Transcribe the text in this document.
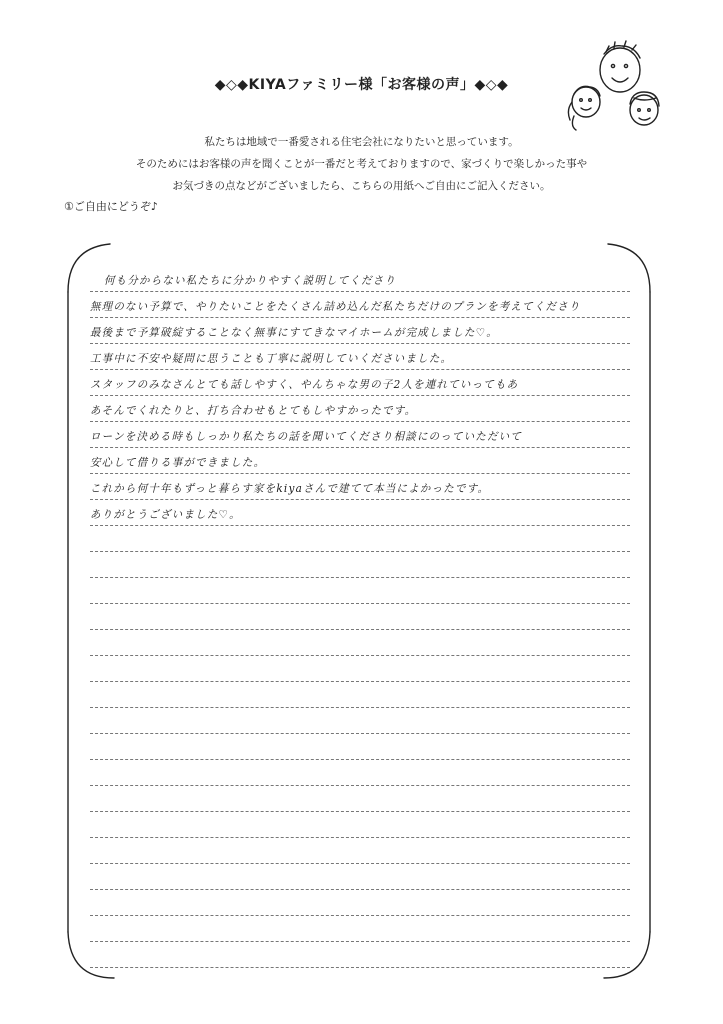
◆◇◆KIYAファミリー様「お客様の声」◆◇◆
私たちは地域で一番愛される住宅会社になりたいと思っています。
そのためにはお客様の声を聞くことが一番だと考えておりますので、家づくりで楽しかった事や
お気づきの点などがございましたら、こちらの用紙へご自由にご記入ください。
①ご自由にどうぞ♪
何も分からない私たちに分かりやすく説明してくださり
無理のない予算で、やりたいことをたくさん詰め込んだ私たちだけのプランを考えてくださり
最後まで予算破綻することなく無事にすてきなマイホームが完成しました♡。
工事中に不安や疑問に思うことも丁寧に説明していくださいました。
スタッフのみなさんとても話しやすく、やんちゃな男の子2人を連れていってもあ
あそんでくれたりと、打ち合わせもとてもしやすかったです。
ローンを決める時もしっかり私たちの話を聞いてくださり相談にのっていただいて
安心して借りる事ができました。
これから何十年もずっと暮らす家をkiyaさんで建てて本当によかったです。
ありがとうございました♡。
